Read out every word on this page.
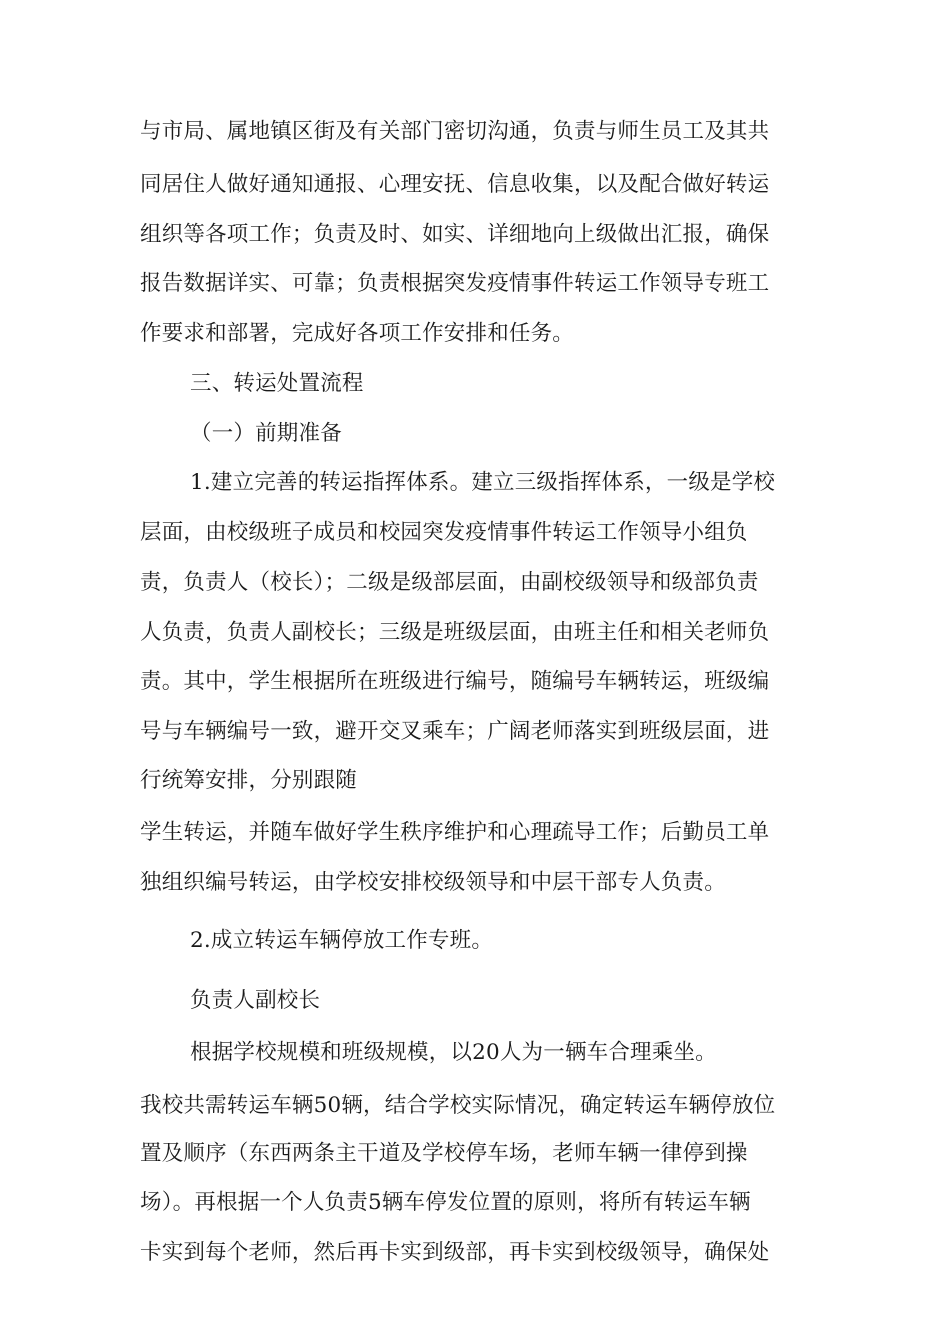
与市局、属地镇区街及有关部门密切沟通，负责与师生员工及其共
同居住人做好通知通报、心理安抚、信息收集，以及配合做好转运
组织等各项工作；负责及时、如实、详细地向上级做出汇报，确保
报告数据详实、可靠；负责根据突发疫情事件转运工作领导专班工
作要求和部署，完成好各项工作安排和任务。
三、转运处置流程
（一）前期准备
1.建立完善的转运指挥体系。建立三级指挥体系，一级是学校
层面，由校级班子成员和校园突发疫情事件转运工作领导小组负
责，负责人（校长）；二级是级部层面，由副校级领导和级部负责
人负责，负责人副校长；三级是班级层面，由班主任和相关老师负
责。其中，学生根据所在班级进行编号，随编号车辆转运，班级编
号与车辆编号一致，避开交叉乘车；广阔老师落实到班级层面，进
行统筹安排，分别跟随
学生转运，并随车做好学生秩序维护和心理疏导工作；后勤员工单
独组织编号转运，由学校安排校级领导和中层干部专人负责。
2.成立转运车辆停放工作专班。
负责人副校长
根据学校规模和班级规模，以20人为一辆车合理乘坐。
我校共需转运车辆50辆，结合学校实际情况，确定转运车辆停放位
置及顺序（东西两条主干道及学校停车场，老师车辆一律停到操
场）。再根据一个人负责5辆车停发位置的原则，将所有转运车辆
卡实到每个老师，然后再卡实到级部，再卡实到校级领导，确保处
